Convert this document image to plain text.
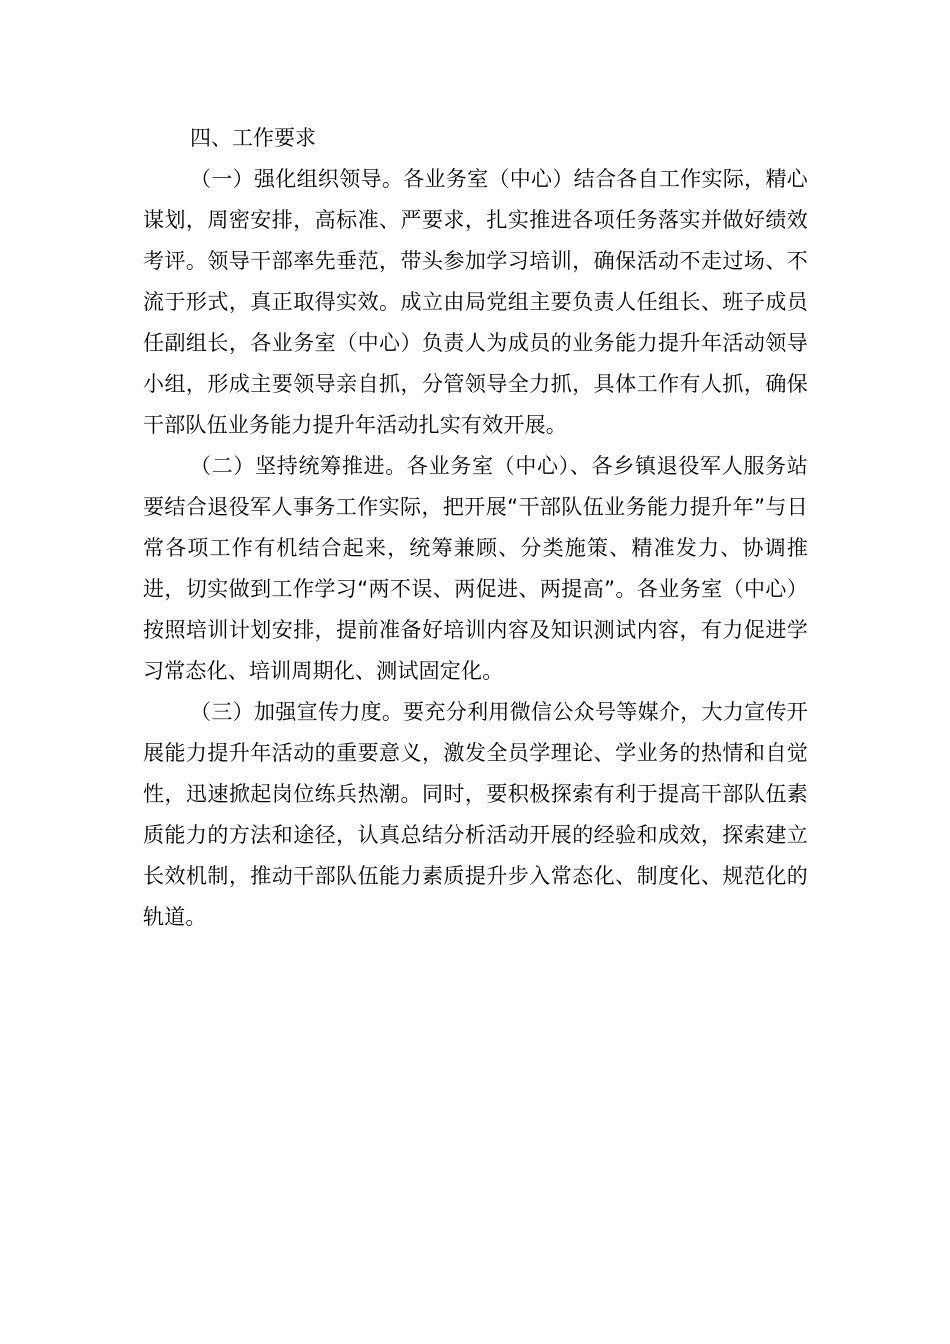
四、工作要求

（一）强化组织领导。各业务室（中心）结合各自工作实际，精心谋划，周密安排，高标准、严要求，扎实推进各项任务落实并做好绩效考评。领导干部率先垂范，带头参加学习培训，确保活动不走过场、不流于形式，真正取得实效。成立由局党组主要负责人任组长、班子成员任副组长，各业务室（中心）负责人为成员的业务能力提升年活动领导小组，形成主要领导亲自抓，分管领导全力抓，具体工作有人抓，确保干部队伍业务能力提升年活动扎实有效开展。

（二）坚持统筹推进。各业务室（中心）、各乡镇退役军人服务站要结合退役军人事务工作实际，把开展“干部队伍业务能力提升年”与日常各项工作有机结合起来，统筹兼顾、分类施策、精准发力、协调推进，切实做到工作学习“两不误、两促进、两提高”。各业务室（中心）按照培训计划安排，提前准备好培训内容及知识测试内容，有力促进学习常态化、培训周期化、测试固定化。

（三）加强宣传力度。要充分利用微信公众号等媒介，大力宣传开展能力提升年活动的重要意义，激发全员学理论、学业务的热情和自觉性，迅速掀起岗位练兵热潮。同时，要积极探索有利于提高干部队伍素质能力的方法和途径，认真总结分析活动开展的经验和成效，探索建立长效机制，推动干部队伍能力素质提升步入常态化、制度化、规范化的轨道。
